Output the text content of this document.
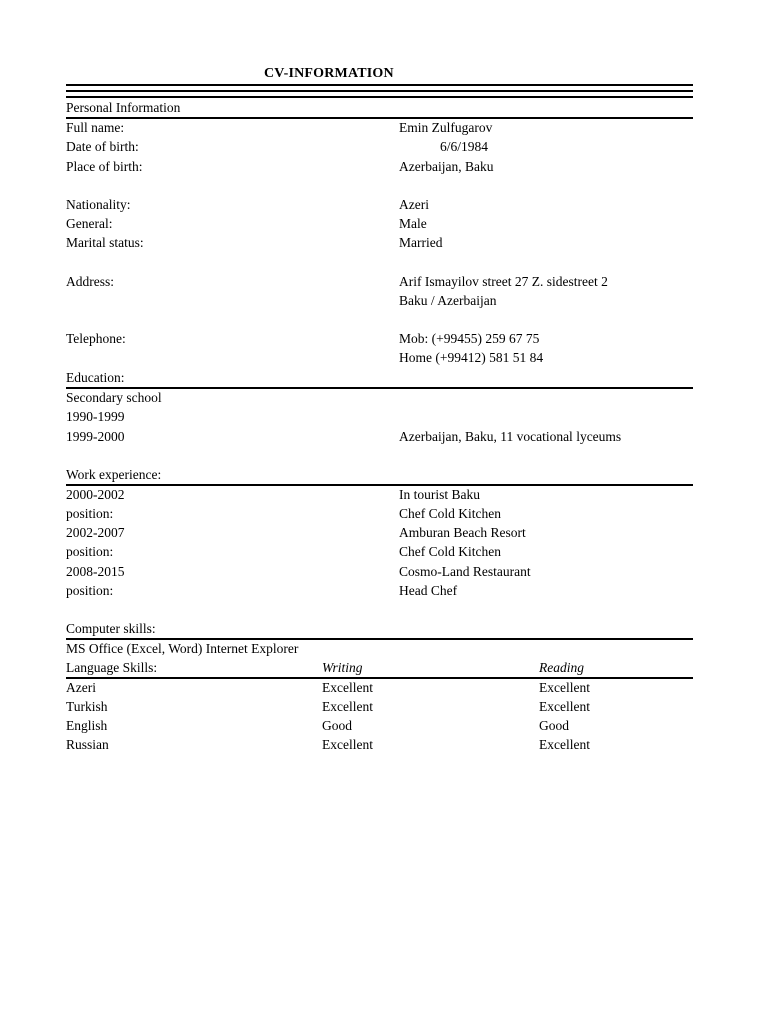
CV-INFORMATION
Personal Information
Full name:	Emin Zulfugarov
Date of birth:	6/6/1984
Place of birth:	Azerbaijan, Baku
Nationality:	Azeri
General:	Male
Marital status:	Married
Address:	Arif Ismayilov street 27 Z. sidestreet 2
Baku / Azerbaijan
Telephone:	Mob: (+99455) 259 67 75
Home (+99412) 581 51 84
Education:
Secondary school
1990-1999
1999-2000	Azerbaijan, Baku, 11 vocational lyceums
Work experience:
2000-2002	In tourist Baku
position:	Chef Cold Kitchen
2002-2007	Amburan Beach Resort
position:	Chef Cold Kitchen
2008-2015	Cosmo-Land Restaurant
position:	Head Chef
Computer skills:
MS Office (Excel, Word) Internet Explorer
Language Skills:	Writing	Reading
Azeri	Excellent	Excellent
Turkish	Excellent	Excellent
English	Good	Good
Russian	Excellent	Excellent
